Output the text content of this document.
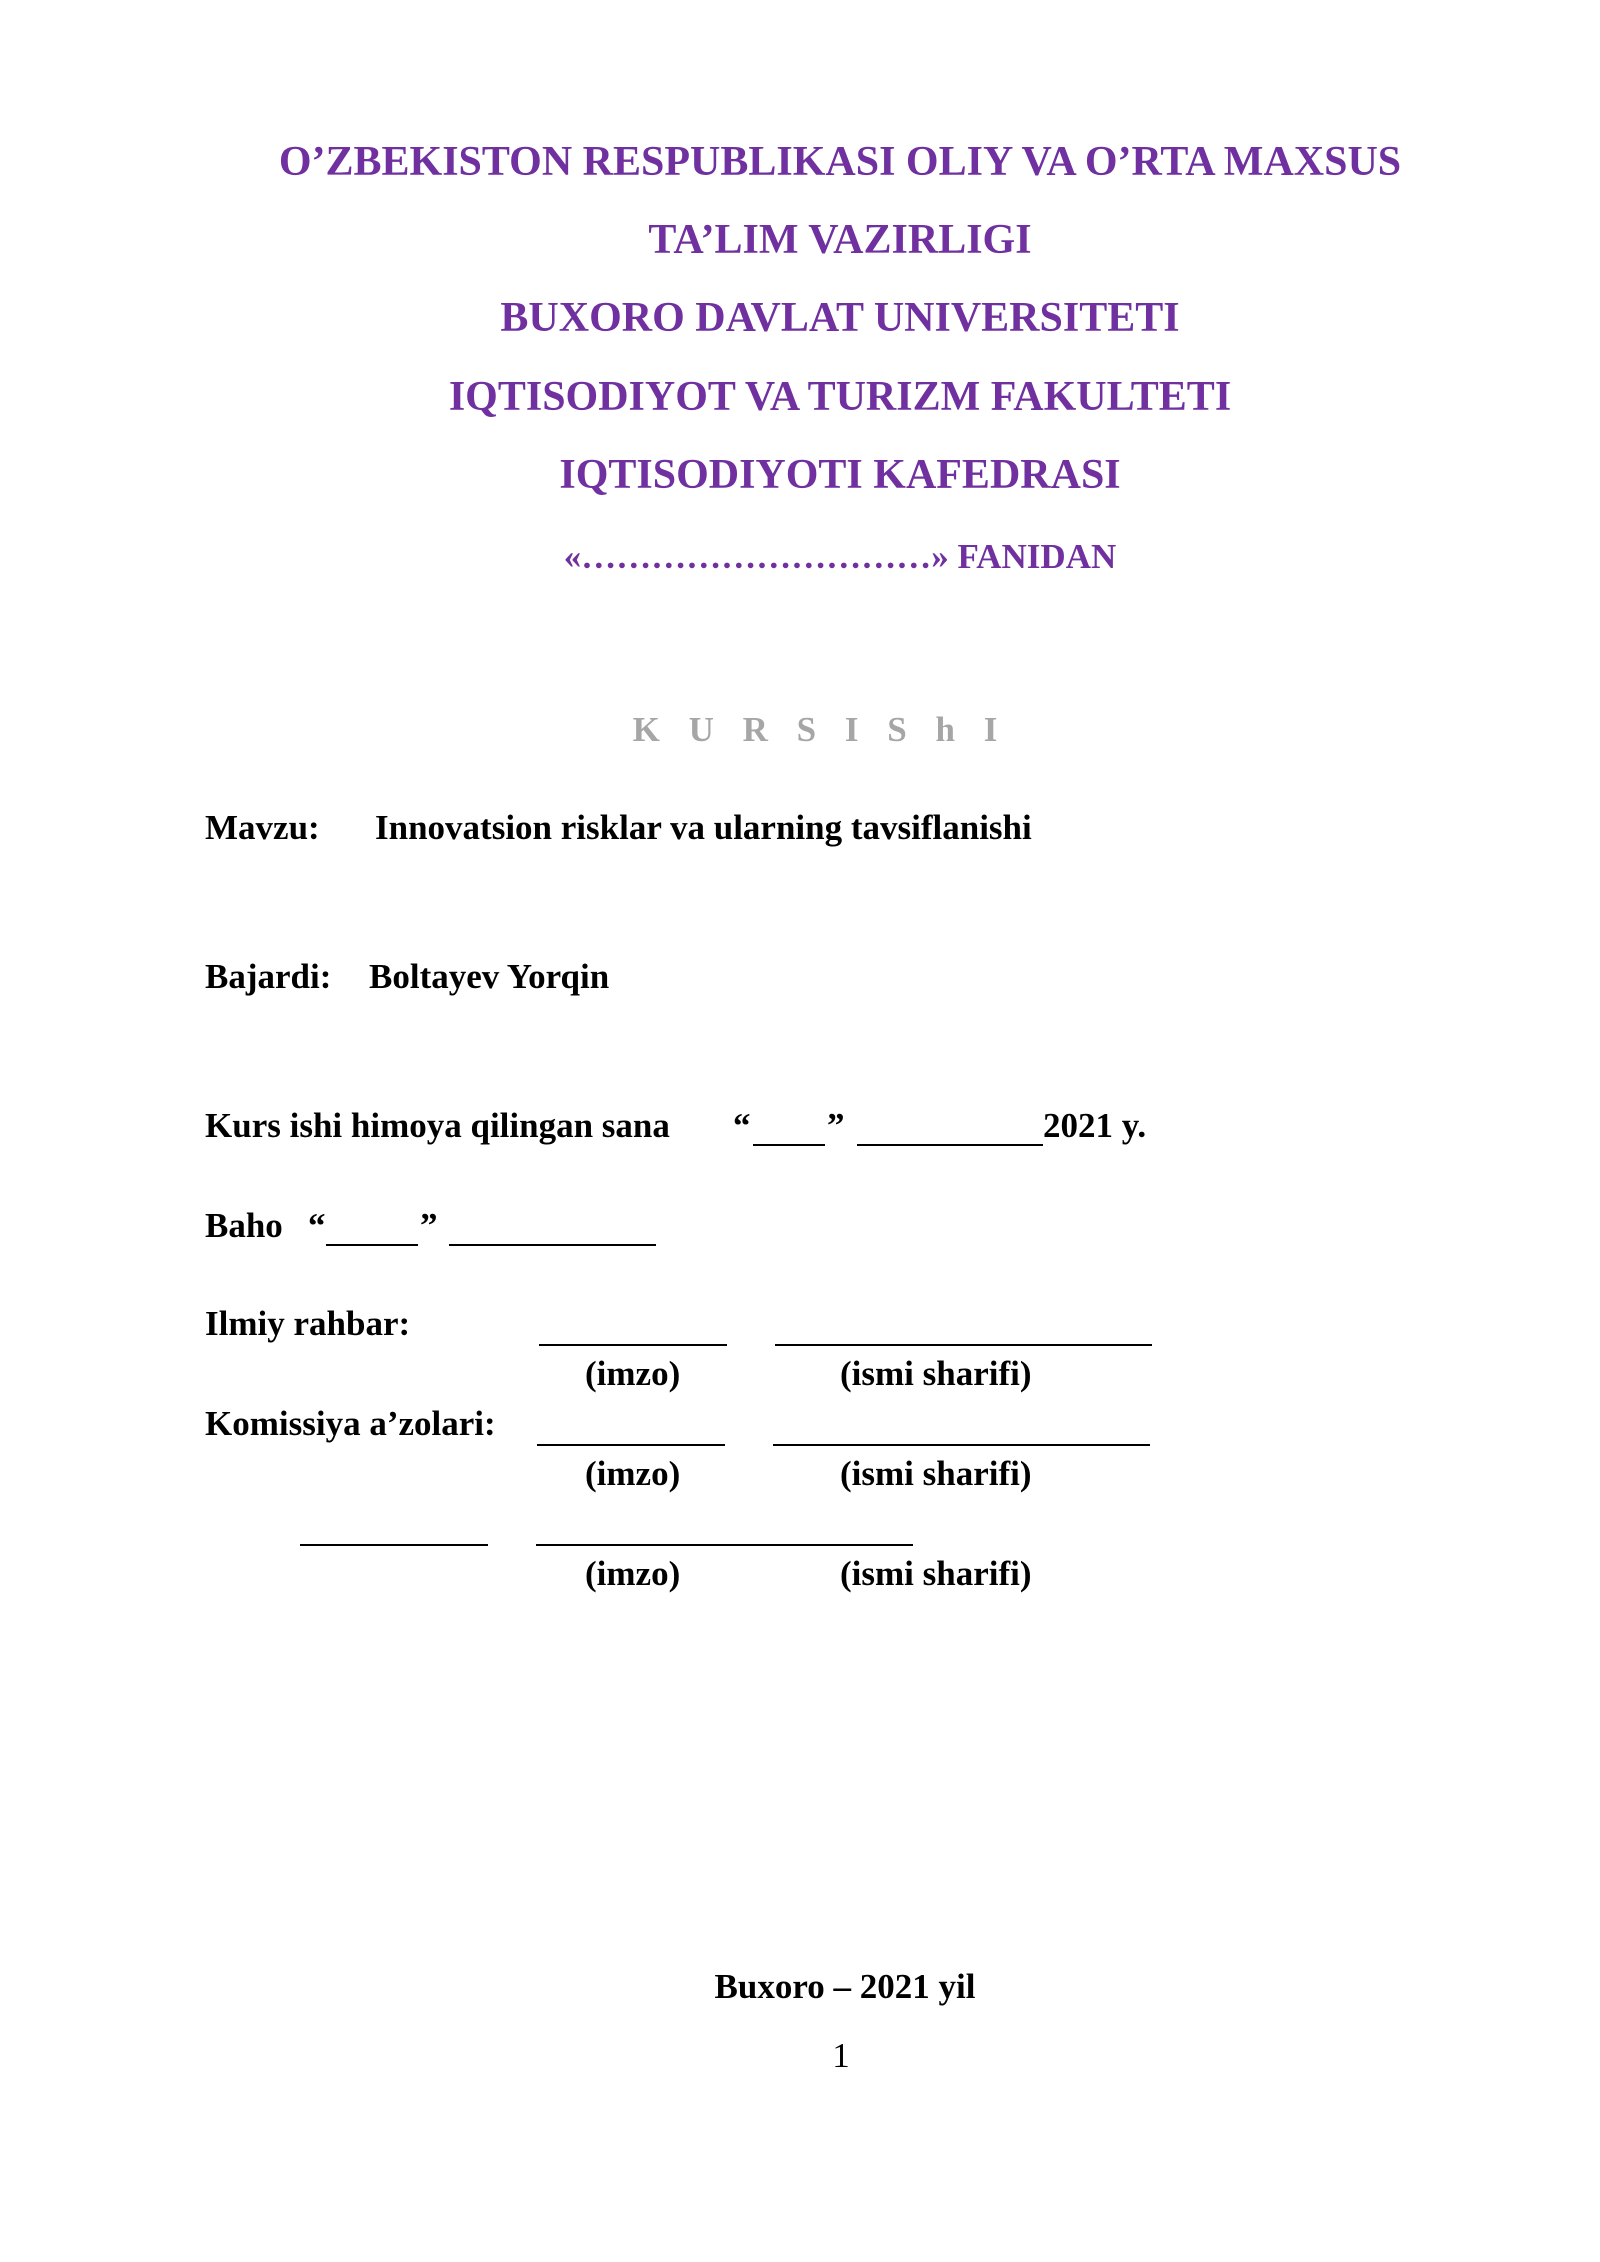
O’ZBEKISTON RESPUBLIKASI OLIY VA O’RTA MAXSUS
TA’LIM VAZIRLIGI
BUXORO DAVLAT UNIVERSITETI
IQTISODIYOT VA TURIZM FAKULTETI
IQTISODIYOTI KAFEDRASI
«…………………………» FANIDAN
K U R S I S h I
Mavzu: Innovatsion risklar va ularning tavsiflanishi
Bajardi: Boltayev Yorqin
Kurs ishi himoya qilingan sana “ ”	2021 y.
Baho “	”
Ilmiy rahbar:
(imzo)	(ismi sharifi)
Komissiya a’zolari:
(imzo)	(ismi sharifi)
(imzo)	(ismi sharifi)
Buxoro – 2021 yil
1
